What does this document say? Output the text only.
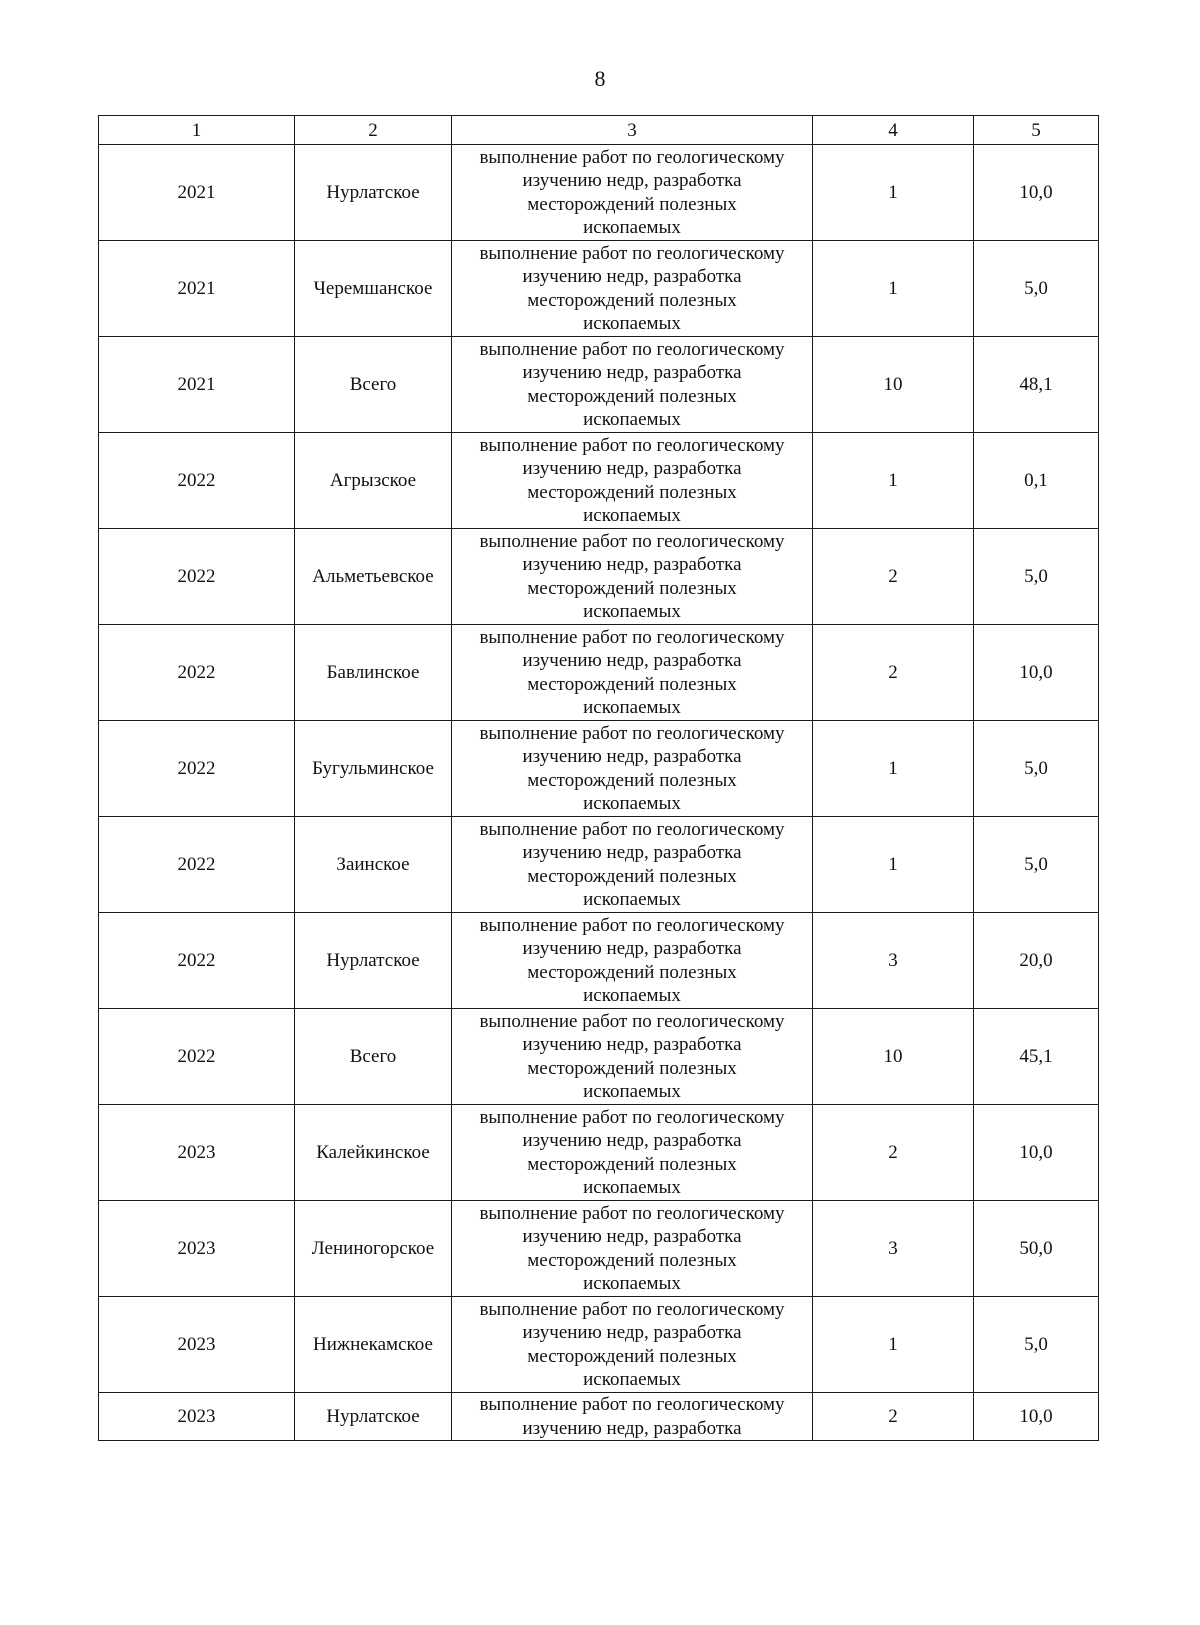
8
1	2	3	4	5
2021	Нурлатское	выполнение работ по геологическому
изучению недр, разработка
месторождений полезных
ископаемых	1	10,0
2021	Черемшанское	выполнение работ по геологическому
изучению недр, разработка
месторождений полезных
ископаемых	1	5,0
2021	Всего	выполнение работ по геологическому
изучению недр, разработка
месторождений полезных
ископаемых	10	48,1
2022	Агрызское	выполнение работ по геологическому
изучению недр, разработка
месторождений полезных
ископаемых	1	0,1
2022	Альметьевское	выполнение работ по геологическому
изучению недр, разработка
месторождений полезных
ископаемых	2	5,0
2022	Бавлинское	выполнение работ по геологическому
изучению недр, разработка
месторождений полезных
ископаемых	2	10,0
2022	Бугульминское	выполнение работ по геологическому
изучению недр, разработка
месторождений полезных
ископаемых	1	5,0
2022	Заинское	выполнение работ по геологическому
изучению недр, разработка
месторождений полезных
ископаемых	1	5,0
2022	Нурлатское	выполнение работ по геологическому
изучению недр, разработка
месторождений полезных
ископаемых	3	20,0
2022	Всего	выполнение работ по геологическому
изучению недр, разработка
месторождений полезных
ископаемых	10	45,1
2023	Калейкинское	выполнение работ по геологическому
изучению недр, разработка
месторождений полезных
ископаемых	2	10,0
2023	Лениногорское	выполнение работ по геологическому
изучению недр, разработка
месторождений полезных
ископаемых	3	50,0
2023	Нижнекамское	выполнение работ по геологическому
изучению недр, разработка
месторождений полезных
ископаемых	1	5,0
2023	Нурлатское	выполнение работ по геологическому
изучению недр, разработка	2	10,0
